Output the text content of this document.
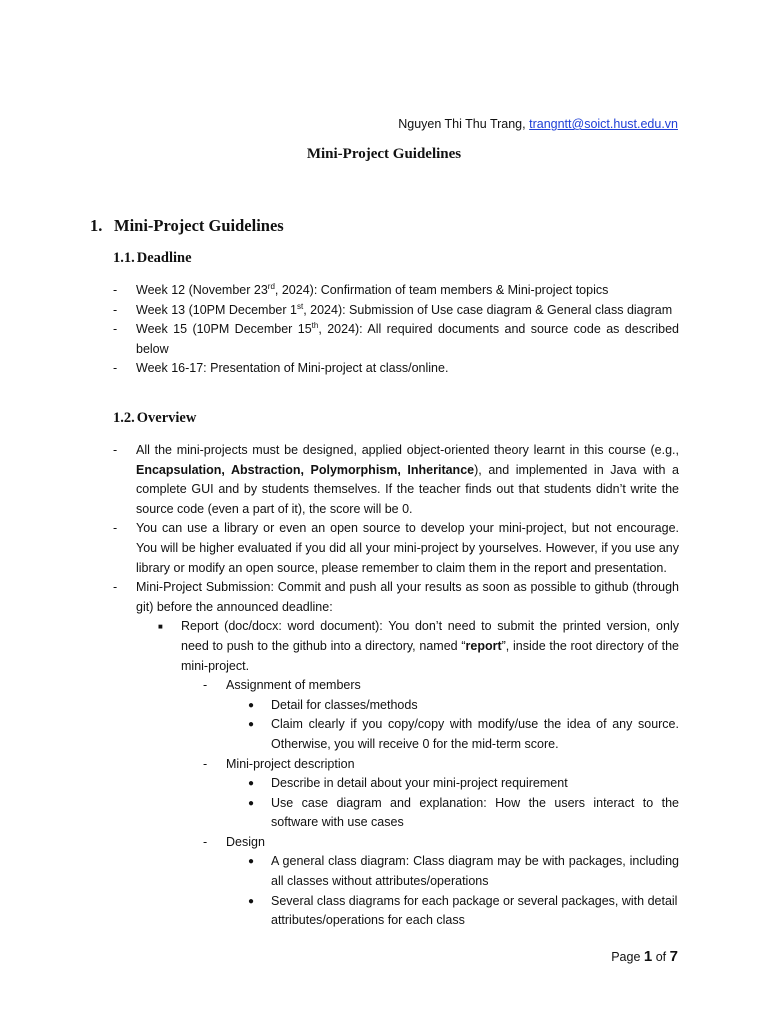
Nguyen Thi Thu Trang, trangntt@soict.hust.edu.vn
Mini-Project Guidelines
1. Mini-Project Guidelines
1.1. Deadline
- Week 12 (November 23rd, 2024): Confirmation of team members & Mini-project topics
- Week 13 (10PM December 1st, 2024): Submission of Use case diagram & General class diagram
- Week 15 (10PM December 15th, 2024): All required documents and source code as described below
- Week 16-17: Presentation of Mini-project at class/online.
1.2. Overview
- All the mini-projects must be designed, applied object-oriented theory learnt in this course (e.g., Encapsulation, Abstraction, Polymorphism, Inheritance), and implemented in Java with a complete GUI and by students themselves. If the teacher finds out that students didn’t write the source code (even a part of it), the score will be 0.
- You can use a library or even an open source to develop your mini-project, but not encourage. You will be higher evaluated if you did all your mini-project by yourselves. However, if you use any library or modify an open source, please remember to claim them in the report and presentation.
- Mini-Project Submission: Commit and push all your results as soon as possible to github (through git) before the announced deadline:
■ Report (doc/docx: word document): You don’t need to submit the printed version, only need to push to the github into a directory, named “report”, inside the root directory of the mini-project.
- Assignment of members
● Detail for classes/methods
● Claim clearly if you copy/copy with modify/use the idea of any source. Otherwise, you will receive 0 for the mid-term score.
- Mini-project description
● Describe in detail about your mini-project requirement
● Use case diagram and explanation: How the users interact to the software with use cases
- Design
● A general class diagram: Class diagram may be with packages, including all classes without attributes/operations
● Several class diagrams for each package or several packages, with detail attributes/operations for each class
Page 1 of 7
